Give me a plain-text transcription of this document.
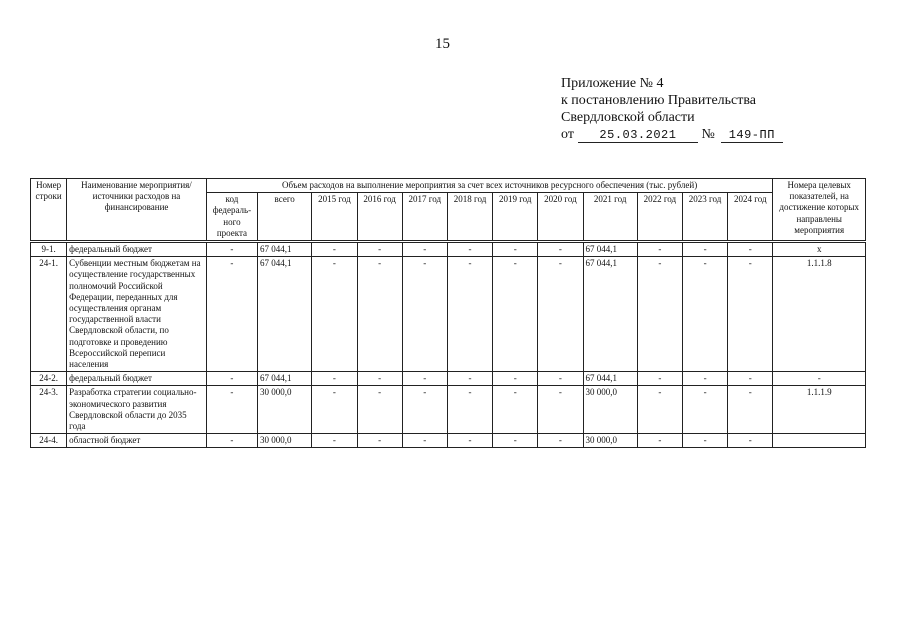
15
Приложение № 4
к постановлению Правительства
Свердловской области
от 25.03.2021 № 149-ПП
Номер строки	Наименование мероприятия/ источники расходов на финансирование	Объем расходов на выполнение мероприятия за счет всех источников ресурсного обеспечения (тыс. рублей)												Номера целевых показателей, на достижение которых направлены мероприятия
		код федераль- ного проекта	всего	2015 год	2016 год	2017 год	2018 год	2019 год	2020 год	2021 год	2022 год	2023 год	2024 год	
9-1.	федеральный бюджет	-	67 044,1	-	-	-	-	-	-	67 044,1	-	-	-	х
24-1.	Субвенции местным бюджетам на осуществление государственных полномочий Российской Федерации, переданных для осуществления органам государственной власти Свердловской области, по подготовке и проведению Всероссийской переписи населения	-	67 044,1	-	-	-	-	-	-	67 044,1	-	-	-	1.1.1.8
24-2.	федеральный бюджет	-	67 044,1	-	-	-	-	-	-	67 044,1	-	-	-	-
24-3.	Разработка стратегии социально-экономического развития Свердловской области до 2035 года	-	30 000,0	-	-	-	-	-	-	30 000,0	-	-	-	1.1.1.9
24-4.	областной бюджет	-	30 000,0	-	-	-	-	-	-	30 000,0	-	-	-	
